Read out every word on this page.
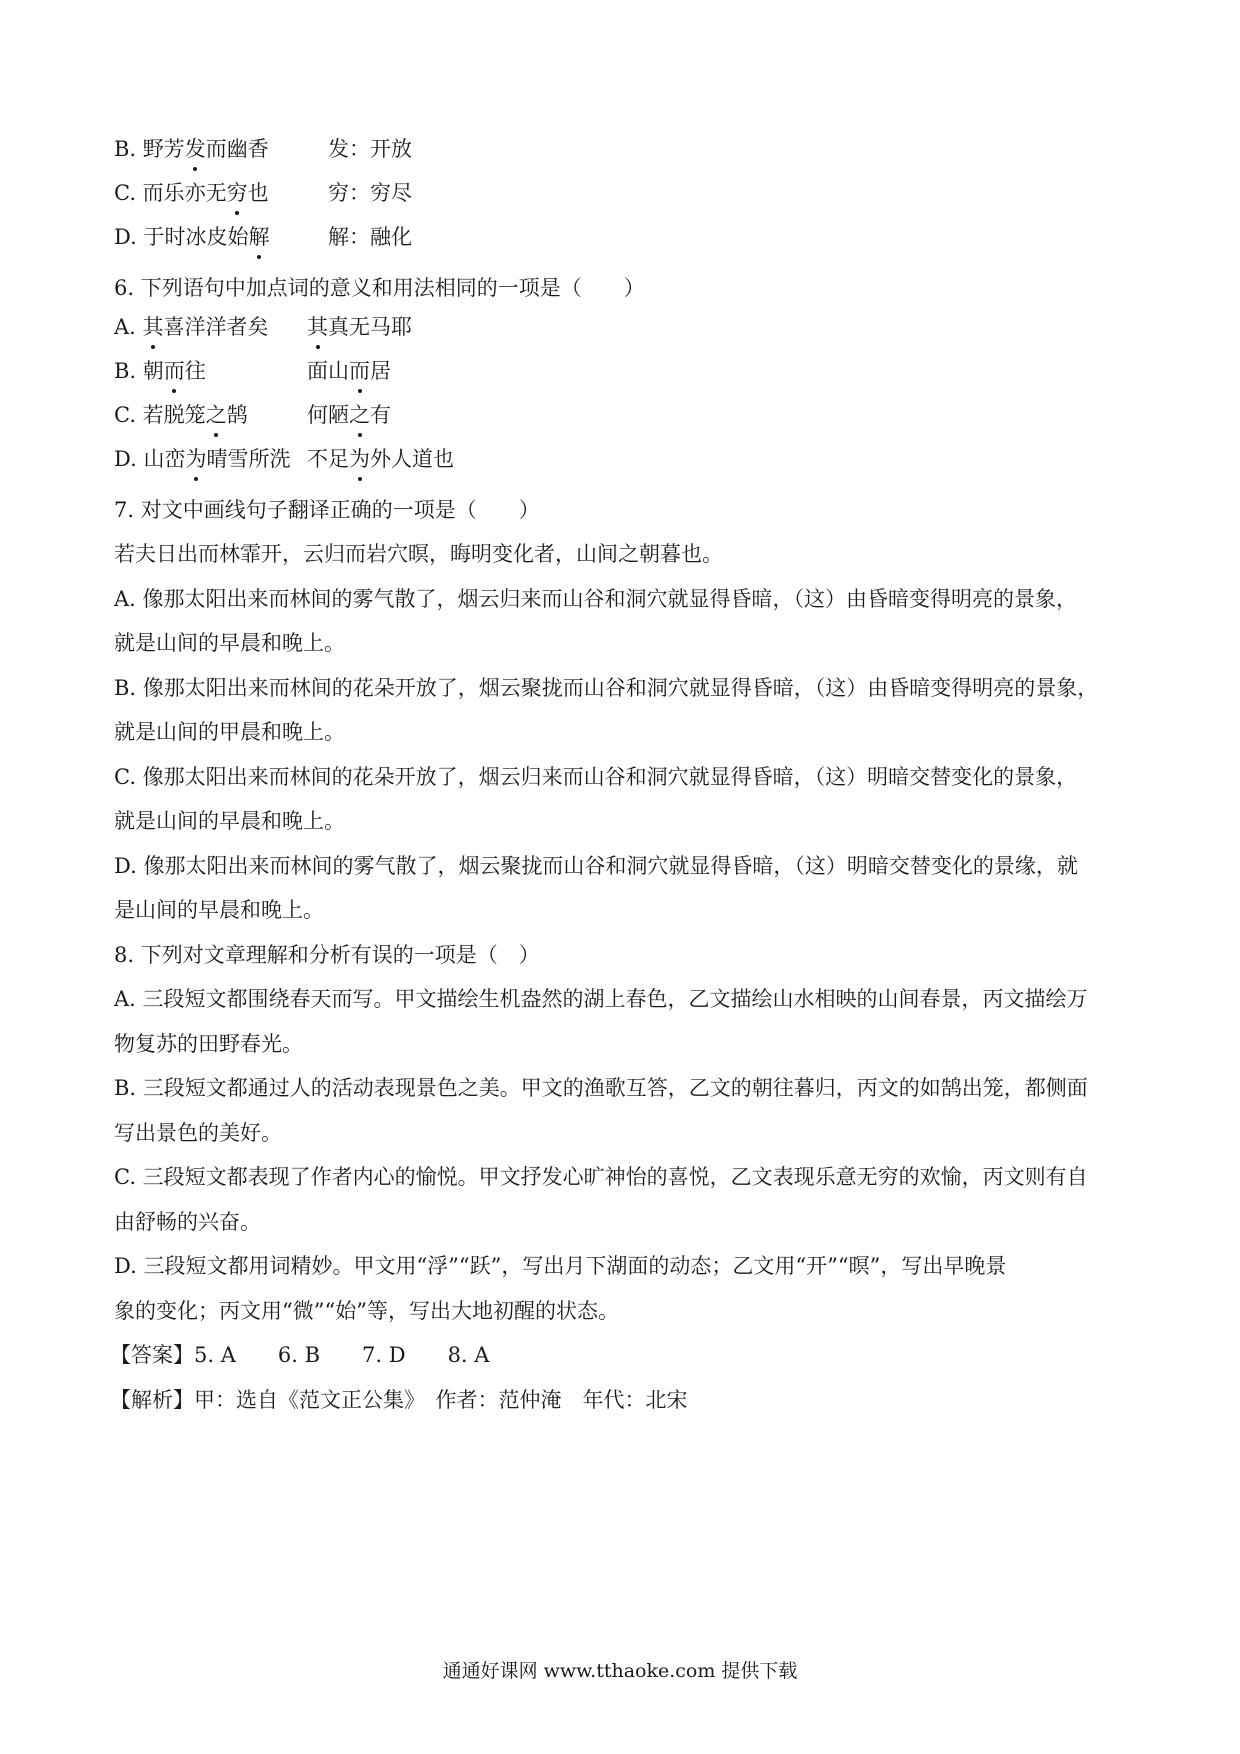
B. 野芳发而幽香	发：开放
C. 而乐亦无穷也	穷：穷尽
D. 于时冰皮始解	解：融化
6. 下列语句中加点词的意义和用法相同的一项是（　　）
A. 其喜洋洋者矣 其真无马耶
B. 朝而往	面山而居
C. 若脱笼之鹄	何陋之有
D. 山峦为晴雪所洗 不足为外人道也
7. 对文中画线句子翻译正确的一项是（　　）
若夫日出而林霏开，云归而岩穴暝，晦明变化者，山间之朝暮也。
A. 像那太阳出来而林间的雾气散了，烟云归来而山谷和洞穴就显得昏暗，（这）由昏暗变得明亮的景象，
就是山间的早晨和晚上。
B. 像那太阳出来而林间的花朵开放了，烟云聚拢而山谷和洞穴就显得昏暗，（这）由昏暗变得明亮的景象，
就是山间的甲晨和晚上。
C. 像那太阳出来而林间的花朵开放了，烟云归来而山谷和洞穴就显得昏暗，（这）明暗交替变化的景象，
就是山间的早晨和晚上。
D. 像那太阳出来而林间的雾气散了，烟云聚拢而山谷和洞穴就显得昏暗，（这）明暗交替变化的景缘，就
是山间的早晨和晚上。
8. 下列对文章理解和分析有误的一项是（　）
A. 三段短文都围绕春天而写。甲文描绘生机盎然的湖上春色，乙文描绘山水相映的山间春景，丙文描绘万
物复苏的田野春光。
B. 三段短文都通过人的活动表现景色之美。甲文的渔歌互答，乙文的朝往暮归，丙文的如鹄出笼，都侧面
写出景色的美好。
C. 三段短文都表现了作者内心的愉悦。甲文抒发心旷神怡的喜悦，乙文表现乐意无穷的欢愉，丙文则有自
由舒畅的兴奋。
D. 三段短文都用词精妙。甲文用“浮”“跃”，写出月下湖面的动态；乙文用“开”“暝”，写出早晚景
象的变化；丙文用“微”“始”等，写出大地初醒的状态。
【答案】5. A　　6. B　　7. D　　8. A
【解析】甲：选自《范文正公集》　作者：范仲淹　年代：北宋
通通好课网 www.tthaoke.com 提供下载
